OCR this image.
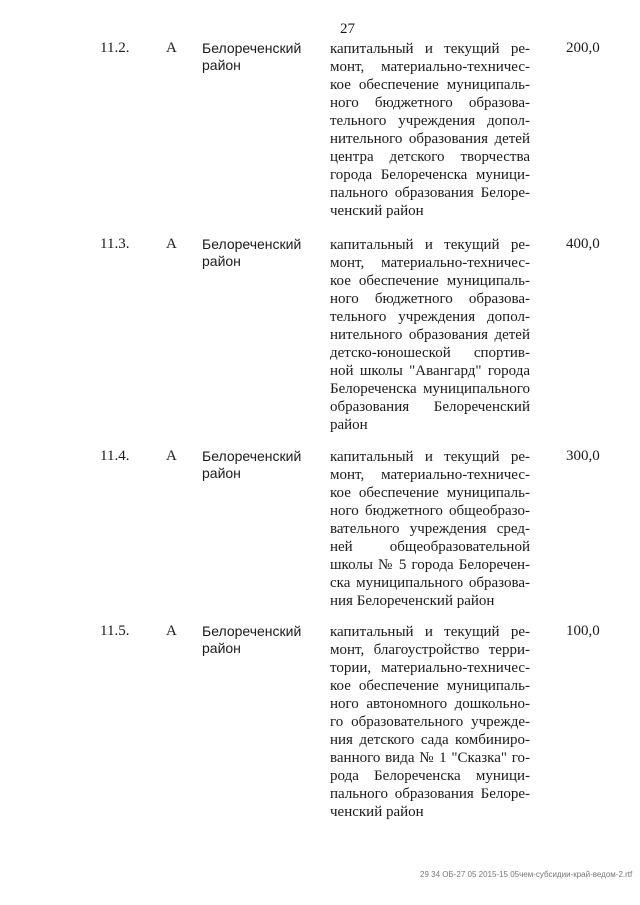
27
11.2. А Белореченский
район
капитальный и текущий ре-
монт, материально-техничес-
кое обеспечение муниципаль-
ного бюджетного образова-
тельного учреждения допол-
нительного образования детей
центра детского творчества
города Белореченска муници-
пального образования Белоре-
ченский район
200,0
11.3. А Белореченский
район
капитальный и текущий ре-
монт, материально-техничес-
кое обеспечение муниципаль-
ного бюджетного образова-
тельного учреждения допол-
нительного образования детей
детско-юношеской спортив-
ной школы "Авангард" города
Белореченска муниципального
образования Белореченский
район
400,0
11.4. А Белореченский
район
капитальный и текущий ре-
монт, материально-техничес-
кое обеспечение муниципаль-
ного бюджетного общеобразо-
вательного учреждения сред-
ней общеобразовательной
школы № 5 города Белоречен-
ска муниципального образова-
ния Белореченский район
300,0
11.5. А Белореченский
район
капитальный и текущий ре-
монт, благоустройство терри-
тории, материально-техничес-
кое обеспечение муниципаль-
ного автономного дошкольно-
го образовательного учрежде-
ния детского сада комбиниро-
ванного вида № 1 "Сказка" го-
рода Белореченска муници-
пального образования Белоре-
ченский район
100,0
29 34 ОБ-27 05 2015-15 05чем-субсидии-край-ведом-2.rtf
